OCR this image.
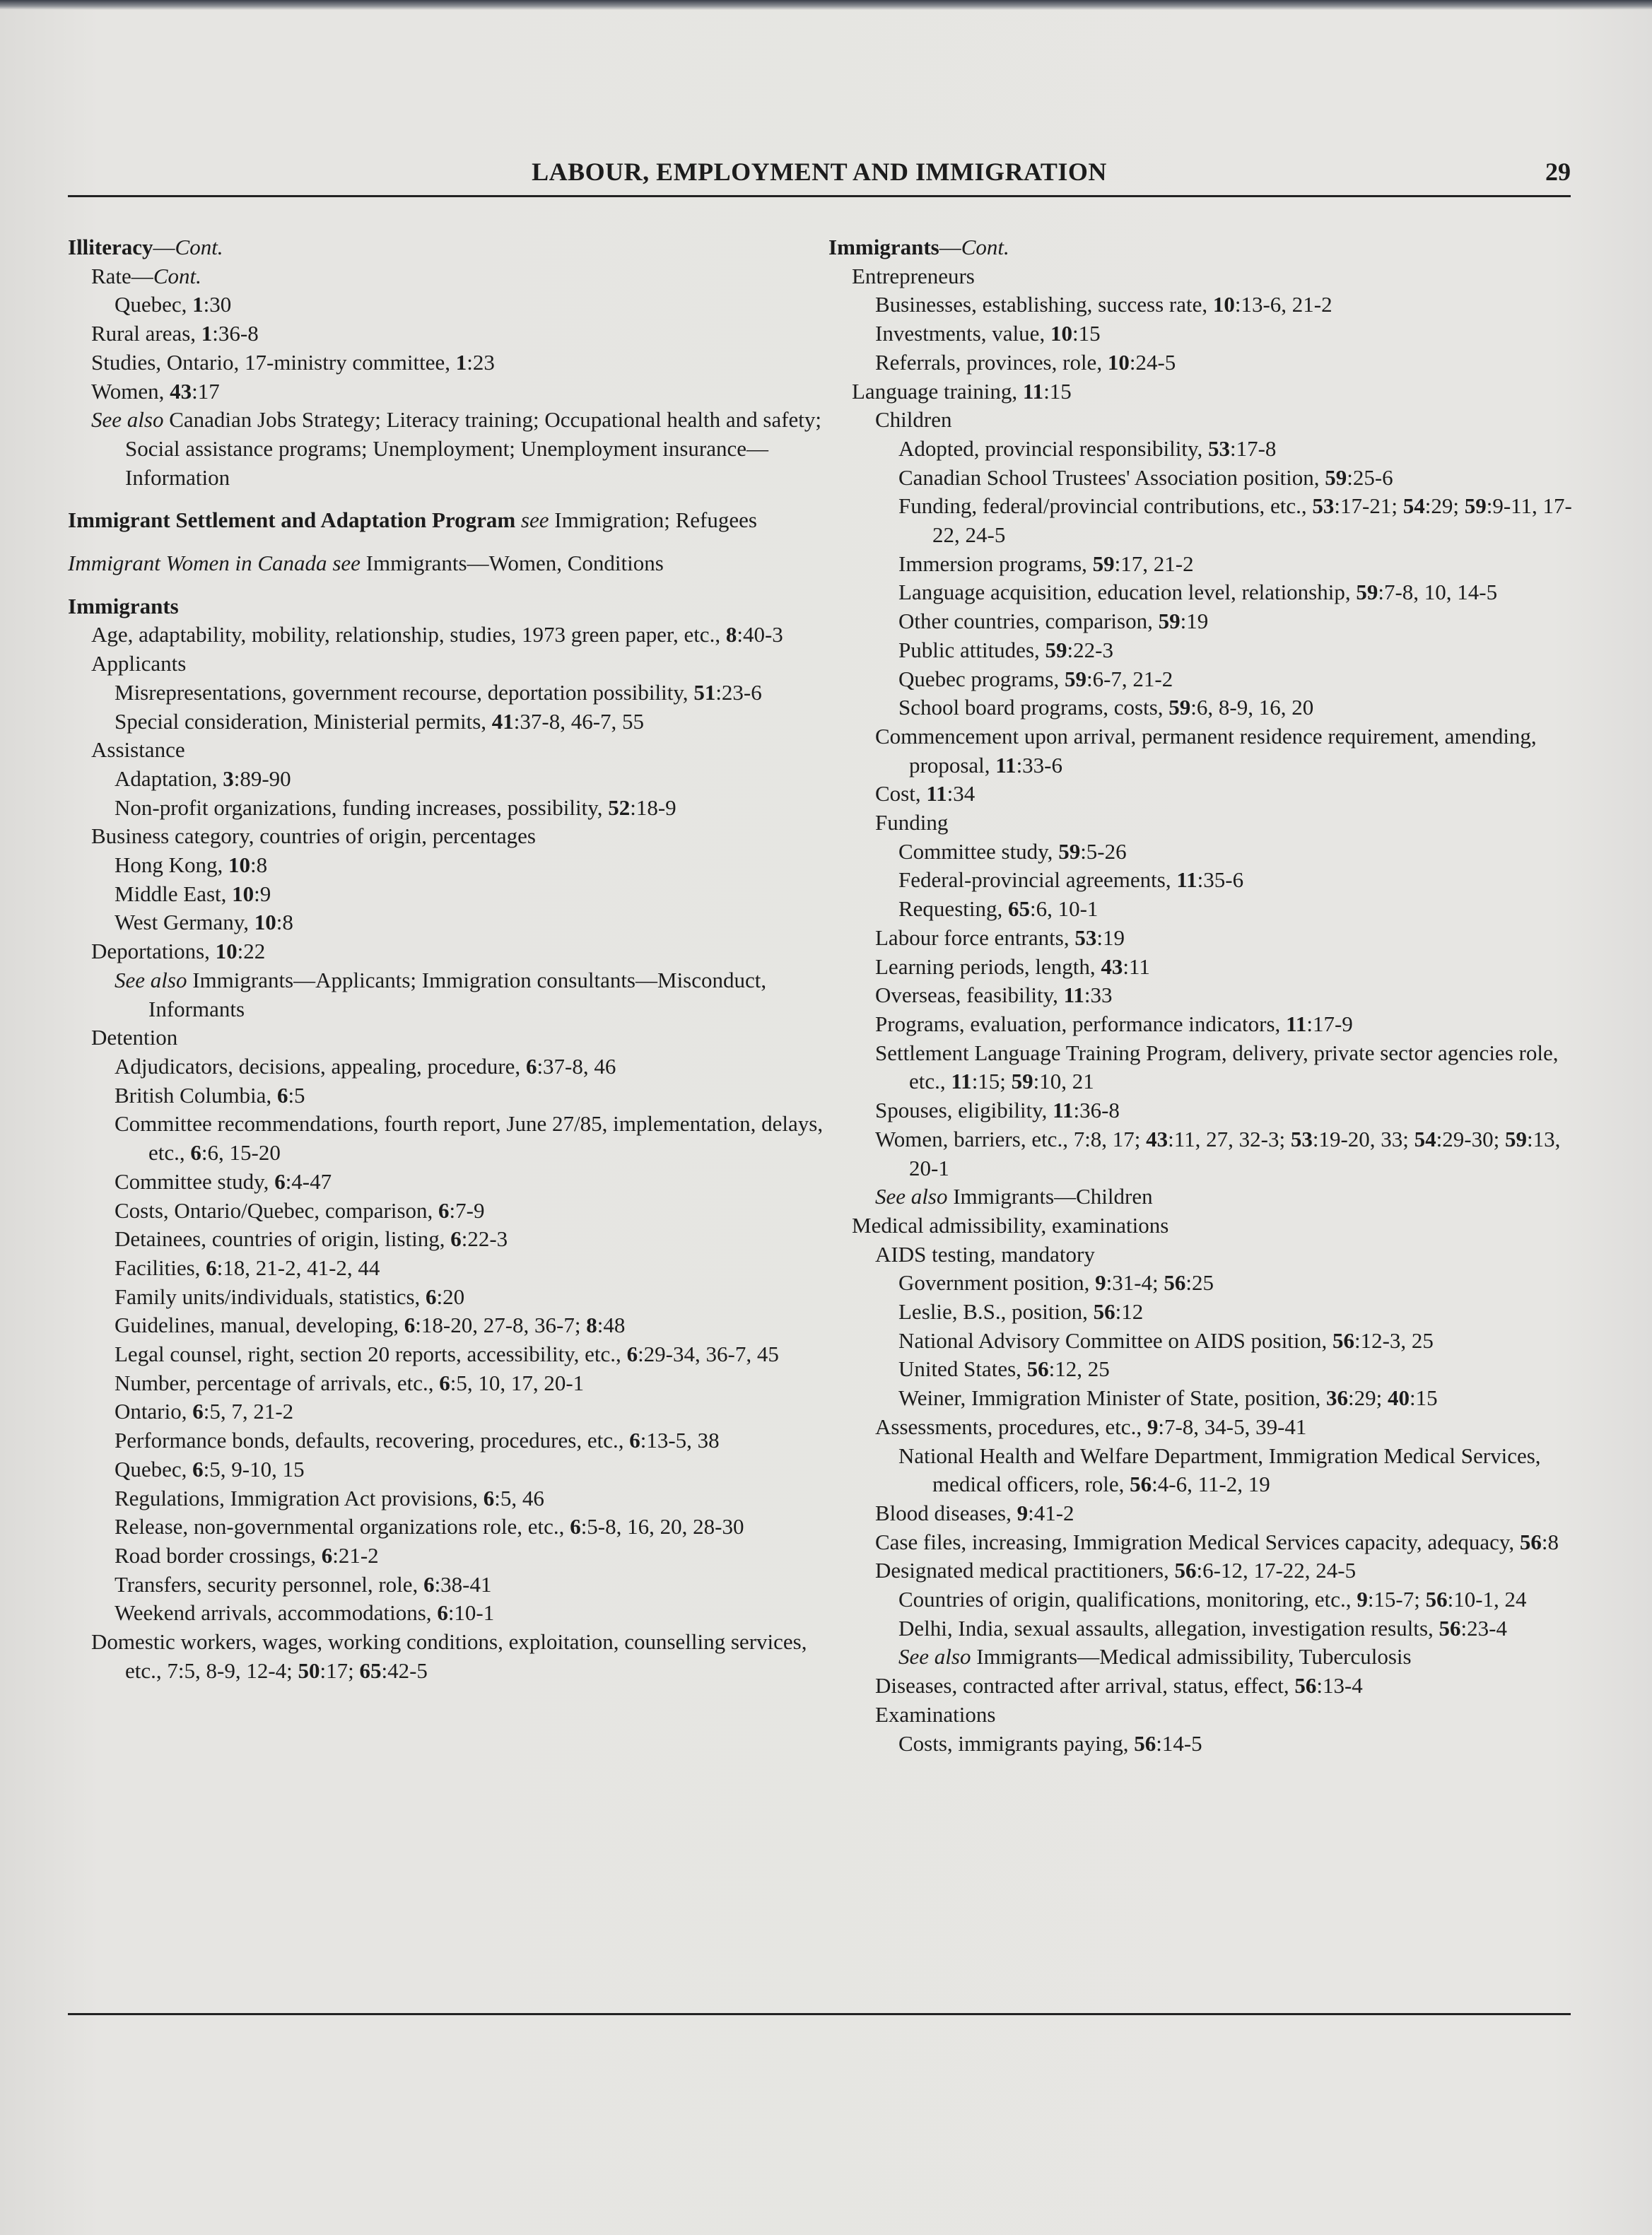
LABOUR, EMPLOYMENT AND IMMIGRATION	29
Illiteracy—Cont.
Rate—Cont.
Quebec, 1:30
Rural areas, 1:36-8
Studies, Ontario, 17-ministry committee, 1:23
Women, 43:17
See also Canadian Jobs Strategy; Literacy training; Occupational health and safety; Social assistance programs; Unemployment; Unemployment insurance—Information
Immigrant Settlement and Adaptation Program see Immigration; Refugees
Immigrant Women in Canada see Immigrants—Women, Conditions
Immigrants
Age, adaptability, mobility, relationship, studies, 1973 green paper, etc., 8:40-3
Applicants
Misrepresentations, government recourse, deportation possibility, 51:23-6
Special consideration, Ministerial permits, 41:37-8, 46-7, 55
Assistance
Adaptation, 3:89-90
Non-profit organizations, funding increases, possibility, 52:18-9
Business category, countries of origin, percentages
Hong Kong, 10:8
Middle East, 10:9
West Germany, 10:8
Deportations, 10:22
See also Immigrants—Applicants; Immigration consultants—Misconduct, Informants
Detention
Adjudicators, decisions, appealing, procedure, 6:37-8, 46
British Columbia, 6:5
Committee recommendations, fourth report, June 27/85, implementation, delays, etc., 6:6, 15-20
Committee study, 6:4-47
Costs, Ontario/Quebec, comparison, 6:7-9
Detainees, countries of origin, listing, 6:22-3
Facilities, 6:18, 21-2, 41-2, 44
Family units/individuals, statistics, 6:20
Guidelines, manual, developing, 6:18-20, 27-8, 36-7; 8:48
Legal counsel, right, section 20 reports, accessibility, etc., 6:29-34, 36-7, 45
Number, percentage of arrivals, etc., 6:5, 10, 17, 20-1
Ontario, 6:5, 7, 21-2
Performance bonds, defaults, recovering, procedures, etc., 6:13-5, 38
Quebec, 6:5, 9-10, 15
Regulations, Immigration Act provisions, 6:5, 46
Release, non-governmental organizations role, etc., 6:5-8, 16, 20, 28-30
Road border crossings, 6:21-2
Transfers, security personnel, role, 6:38-41
Weekend arrivals, accommodations, 6:10-1
Domestic workers, wages, working conditions, exploitation, counselling services, etc., 7:5, 8-9, 12-4; 50:17; 65:42-5
Immigrants—Cont.
Entrepreneurs
Businesses, establishing, success rate, 10:13-6, 21-2
Investments, value, 10:15
Referrals, provinces, role, 10:24-5
Language training, 11:15
Children
Adopted, provincial responsibility, 53:17-8
Canadian School Trustees' Association position, 59:25-6
Funding, federal/provincial contributions, etc., 53:17-21; 54:29; 59:9-11, 17-22, 24-5
Immersion programs, 59:17, 21-2
Language acquisition, education level, relationship, 59:7-8, 10, 14-5
Other countries, comparison, 59:19
Public attitudes, 59:22-3
Quebec programs, 59:6-7, 21-2
School board programs, costs, 59:6, 8-9, 16, 20
Commencement upon arrival, permanent residence requirement, amending, proposal, 11:33-6
Cost, 11:34
Funding
Committee study, 59:5-26
Federal-provincial agreements, 11:35-6
Requesting, 65:6, 10-1
Labour force entrants, 53:19
Learning periods, length, 43:11
Overseas, feasibility, 11:33
Programs, evaluation, performance indicators, 11:17-9
Settlement Language Training Program, delivery, private sector agencies role, etc., 11:15; 59:10, 21
Spouses, eligibility, 11:36-8
Women, barriers, etc., 7:8, 17; 43:11, 27, 32-3; 53:19-20, 33; 54:29-30; 59:13, 20-1
See also Immigrants—Children
Medical admissibility, examinations
AIDS testing, mandatory
Government position, 9:31-4; 56:25
Leslie, B.S., position, 56:12
National Advisory Committee on AIDS position, 56:12-3, 25
United States, 56:12, 25
Weiner, Immigration Minister of State, position, 36:29; 40:15
Assessments, procedures, etc., 9:7-8, 34-5, 39-41
National Health and Welfare Department, Immigration Medical Services, medical officers, role, 56:4-6, 11-2, 19
Blood diseases, 9:41-2
Case files, increasing, Immigration Medical Services capacity, adequacy, 56:8
Designated medical practitioners, 56:6-12, 17-22, 24-5
Countries of origin, qualifications, monitoring, etc., 9:15-7; 56:10-1, 24
Delhi, India, sexual assaults, allegation, investigation results, 56:23-4
See also Immigrants—Medical admissibility, Tuberculosis
Diseases, contracted after arrival, status, effect, 56:13-4
Examinations
Costs, immigrants paying, 56:14-5
